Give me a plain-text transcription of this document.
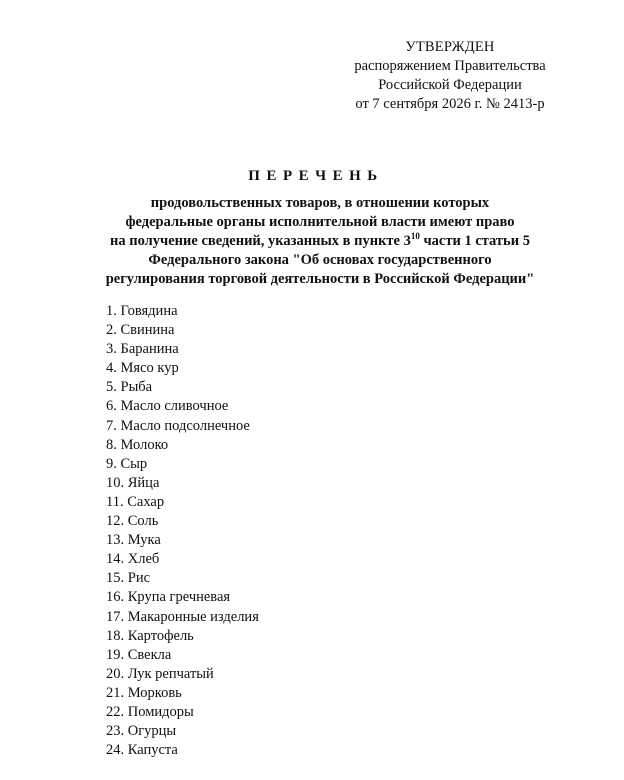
УТВЕРЖДЕН
распоряжением Правительства
Российской Федерации
от 7 сентября 2026 г. № 2413-р
ПЕРЕЧЕНЬ
продовольственных товаров, в отношении которых
федеральные органы исполнительной власти имеют право
на получение сведений, указанных в пункте $3^{10}$ части 1 статьи 5
Федерального закона "Об основах государственного
регулирования торговой деятельности в Российской Федерации"
1. Говядина
2. Свинина
3. Баранина
4. Мясо кур
5. Рыба
6. Масло сливочное
7. Масло подсолнечное
8. Молоко
9. Сыр
10. Яйца
11. Сахар
12. Соль
13. Мука
14. Хлеб
15. Рис
16. Крупа гречневая
17. Макаронные изделия
18. Картофель
19. Свекла
20. Лук репчатый
21. Морковь
22. Помидоры
23. Огурцы
24. Капуста
